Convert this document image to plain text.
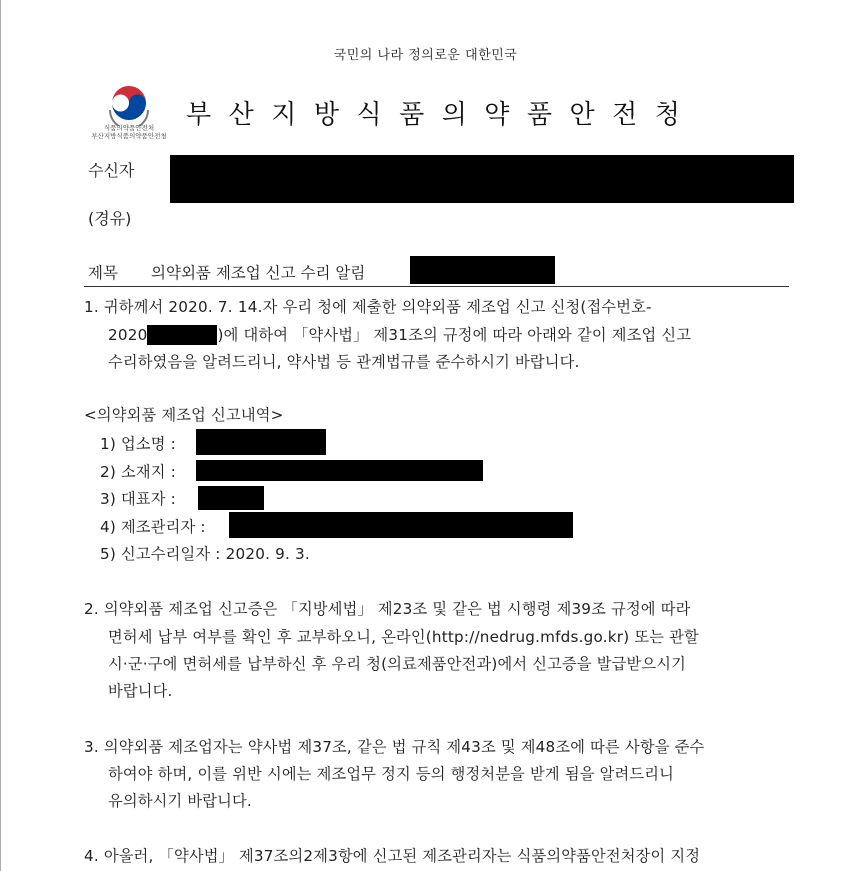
국민의 나라 정의로운 대한민국
식품의약품안전처
부산지방식품의약품안전청
부산지방식품의약품안전청
수신자
(경유)
제목 의약외품 제조업 신고 수리 알림
1. 귀하께서 2020. 7. 14.자 우리 청에 제출한 의약외품 제조업 신고 신청(접수번호-
2020	)에 대하여 「약사법」 제31조의 규정에 따라 아래와 같이 제조업 신고
수리하였음을 알려드리니, 약사법 등 관계법규를 준수하시기 바랍니다.
<의약외품 제조업 신고내역>
1) 업소명 :
2) 소재지 :
3) 대표자 :
4) 제조관리자 :
5) 신고수리일자 : 2020. 9. 3.
2. 의약외품 제조업 신고증은 「지방세법」 제23조 및 같은 법 시행령 제39조 규정에 따라
면허세 납부 여부를 확인 후 교부하오니, 온라인(http://nedrug.mfds.go.kr) 또는 관할
시·군·구에 면허세를 납부하신 후 우리 청(의료제품안전과)에서 신고증을 발급받으시기
바랍니다.
3. 의약외품 제조업자는 약사법 제37조, 같은 법 규칙 제43조 및 제48조에 따른 사항을 준수
하여야 하며, 이를 위반 시에는 제조업무 정지 등의 행정처분을 받게 됨을 알려드리니
유의하시기 바랍니다.
4. 아울러, 「약사법」 제37조의2제3항에 신고된 제조관리자는 식품의약품안전처장이 지정
